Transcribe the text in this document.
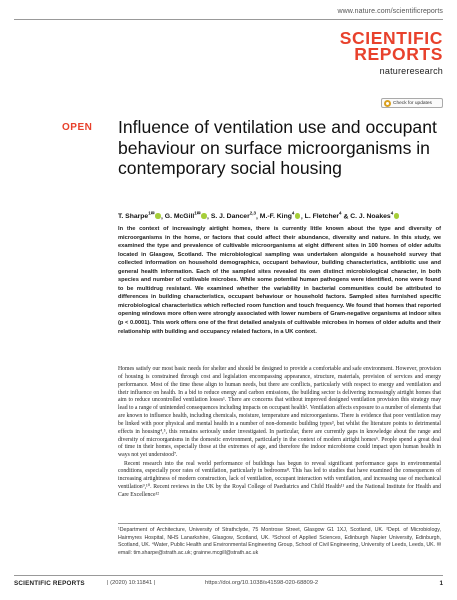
www.nature.com/scientificreports
SCIENTIFIC
REPORTS
natureresearch
Check for updates
OPEN Influence of ventilation use and occupant behaviour on surface microorganisms in contemporary social housing
T. Sharpe$^{1✉}$ , G. McGill$^{1✉}$ , S. J. Dancer$^{2,3}$, M.-F. King$^4$ , L. Fletcher$^4$ & C. J. Noakes$^4$
In the context of increasingly airtight homes, there is currently little known about the type and diversity of microorganisms in the home, or factors that could affect their abundance, diversity and nature. In this study, we examined the type and prevalence of cultivable microorganisms at eight different sites in 100 homes of older adults located in Glasgow, Scotland. The microbiological sampling was undertaken alongside a household survey that collected information on household demographics, occupant behaviour, building characteristics, antibiotic use and general health information. Each of the sampled sites revealed its own distinct microbiological character, in both species and number of cultivable microbes. While some potential human pathogens were identified, none were found to be multidrug resistant. We examined whether the variability in bacterial communities could be attributed to differences in building characteristics, occupant behaviour or household factors. Sampled sites furnished specific microbiological characteristics which reflected room function and touch frequency. We found that homes that reported opening windows more often were strongly associated with lower numbers of Gram-negative organisms at indoor sites (p < 0.0001). This work offers one of the first detailed analysis of cultivable microbes in homes of older adults and their relationship with building and occupancy related factors, in a UK context.

Homes satisfy our most basic needs for shelter and should be designed to provide a comfortable and safe environment. However, provision of housing is constrained through cost and legislation encompassing appearance, structure, materials, provision of services and energy performance. Most of the time these align to human needs, but there are conflicts, particularly with respect to energy and ventilation and their influence on health. In a bid to reduce energy and carbon emissions, the building sector is delivering increasingly airtight homes that aim to reduce uncontrolled ventilation losses¹. There are concerns that without improved designed ventilation provision this strategy may lead to a range of unintended consequences including impacts on occupant health². Ventilation affects exposure to a number of elements that are known to influence health, including chemicals, moisture, temperature and microorganisms. There is evidence that poor ventilation may be linked with poor physical and mental health in a number of non-domestic building types³, but whilst the literature points to detrimental effects in housing⁴,⁵, this remains seriously under investigated. In particular, there are currently gaps in knowledge about the range and diversity of microorganisms in the domestic environment, particularly in the context of modern airtight homes⁶. People spend a great deal of time in their homes, especially those at the extremes of age, and therefore the indoor microbiome could impact upon human health in ways not yet understood⁷.

Recent research into the real world performance of buildings has begun to reveal significant performance gaps in environmental conditions, especially poor rates of ventilation, particularly in bedrooms⁸. This has led to studies that have examined the consequences of increasing airtightness of modern construction, lack of ventilation, occupant interaction with ventilation, and increasing use of mechanical ventilation⁹,¹⁰. Recent reviews in the UK by the Royal College of Paediatrics and Child Health¹¹ and the National Institute for Health and Care Excellence¹²

¹Department of Architecture, University of Strathclyde, 75 Montrose Street, Glasgow G1 1XJ, Scotland, UK. ²Dept. of Microbiology, Hairmyres Hospital, NHS Lanarkshire, Glasgow, Scotland, UK. ³School of Applied Sciences, Edinburgh Napier University, Edinburgh, Scotland, UK. ⁴Water, Public Health and Environmental Engineering Group, School of Civil Engineering, University of Leeds, Leeds, UK. ✉email: tim.sharpe@strath.ac.uk; grainne.mcgill@strath.ac.uk
SCIENTIFIC REPORTS	| (2020) 10:11841 |	https://doi.org/10.1038/s41598-020-68809-2	1
